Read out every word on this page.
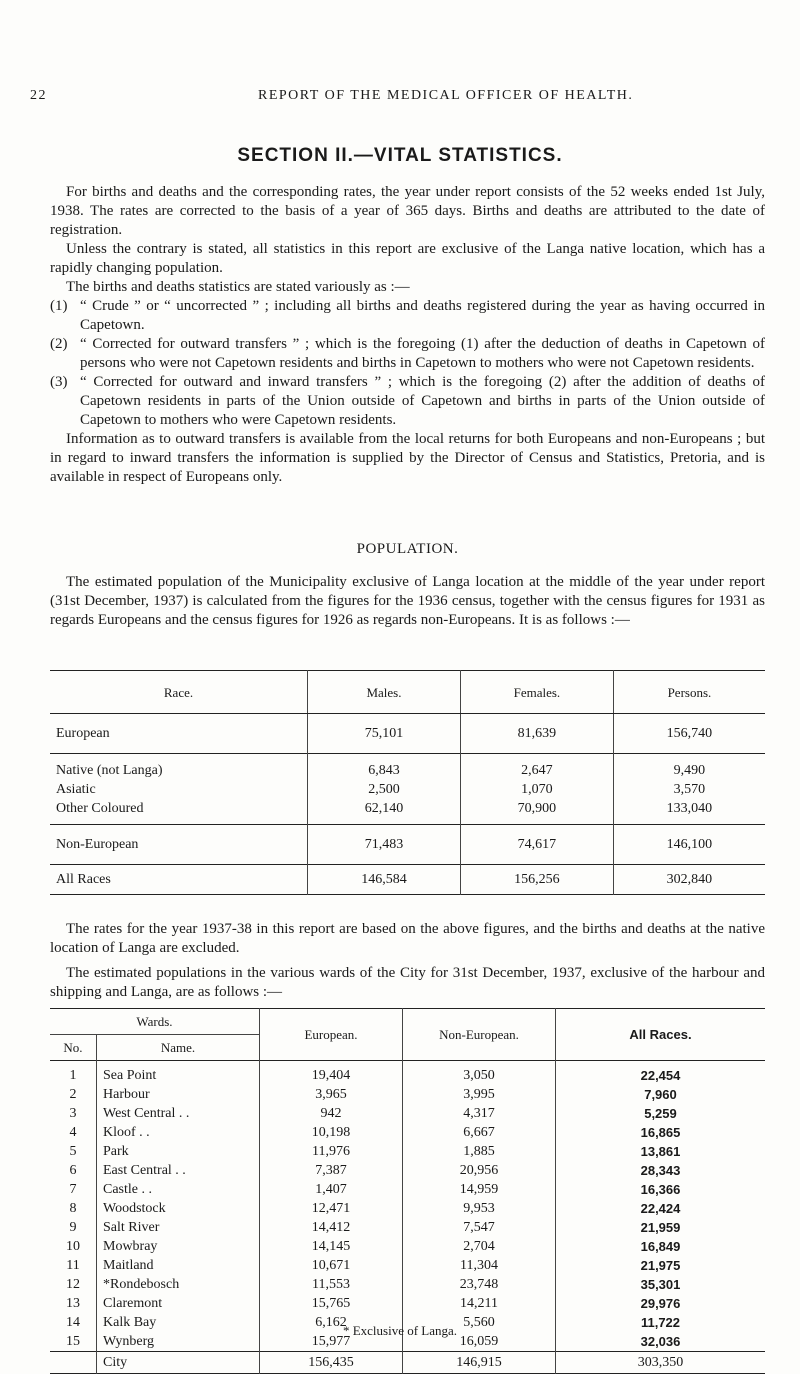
22	REPORT OF THE MEDICAL OFFICER OF HEALTH.
SECTION II.—VITAL STATISTICS.

For births and deaths and the corresponding rates, the year under report consists of the 52 weeks ended 1st July, 1938. The rates are corrected to the basis of a year of 365 days. Births and deaths are attributed to the date of registration.

Unless the contrary is stated, all statistics in this report are exclusive of the Langa native location, which has a rapidly changing population.

The births and deaths statistics are stated variously as :—

(1) “ Crude ” or “ uncorrected ” ; including all births and deaths registered during the year as having occurred in Capetown.
(2) “ Corrected for outward transfers ” ; which is the foregoing (1) after the deduction of deaths in Capetown of persons who were not Capetown residents and births in Capetown to mothers who were not Capetown residents.
(3) “ Corrected for outward and inward transfers ” ; which is the foregoing (2) after the addition of deaths of Capetown residents in parts of the Union outside of Capetown and births in parts of the Union outside of Capetown to mothers who were Capetown residents.

Information as to outward transfers is available from the local returns for both Europeans and non-Europeans ; but in regard to inward transfers the information is supplied by the Director of Census and Statistics, Pretoria, and is available in respect of Europeans only.

POPULATION.

The estimated population of the Municipality exclusive of Langa location at the middle of the year under report (31st December, 1937) is calculated from the figures for the 1936 census, together with the census figures for 1931 as regards Europeans and the census figures for 1926 as regards non-Europeans. It is as follows :—

Race.	Males.	Females.	Persons.
European	75,101	81,639	156,740
Native (not Langa)	6,843	2,647	9,490
Asiatic	2,500	1,070	3,570
Other Coloured	62,140	70,900	133,040
Non-European	71,483	74,617	146,100
All Races	146,584	156,256	302,840

The rates for the year 1937-38 in this report are based on the above figures, and the births and deaths at the native location of Langa are excluded.

The estimated populations in the various wards of the City for 31st December, 1937, exclusive of the harbour and shipping and Langa, are as follows :—

Wards.		European.	Non-European.	All Races.
No.	Name.			
1	Sea Point	19,404	3,050	22,454
2	Harbour	3,965	3,995	7,960
3	West Central . .	942	4,317	5,259
4	Kloof . .	10,198	6,667	16,865
5	Park	11,976	1,885	13,861
6	East Central . .	7,387	20,956	28,343
7	Castle . .	1,407	14,959	16,366
8	Woodstock	12,471	9,953	22,424
9	Salt River	14,412	7,547	21,959
10	Mowbray	14,145	2,704	16,849
11	Maitland	10,671	11,304	21,975
12	*Rondebosch	11,553	23,748	35,301
13	Claremont	15,765	14,211	29,976
14	Kalk Bay	6,162	5,560	11,722
15	Wynberg	15,977	16,059	32,036
	City	156,435	146,915	303,350
* Exclusive of Langa.
